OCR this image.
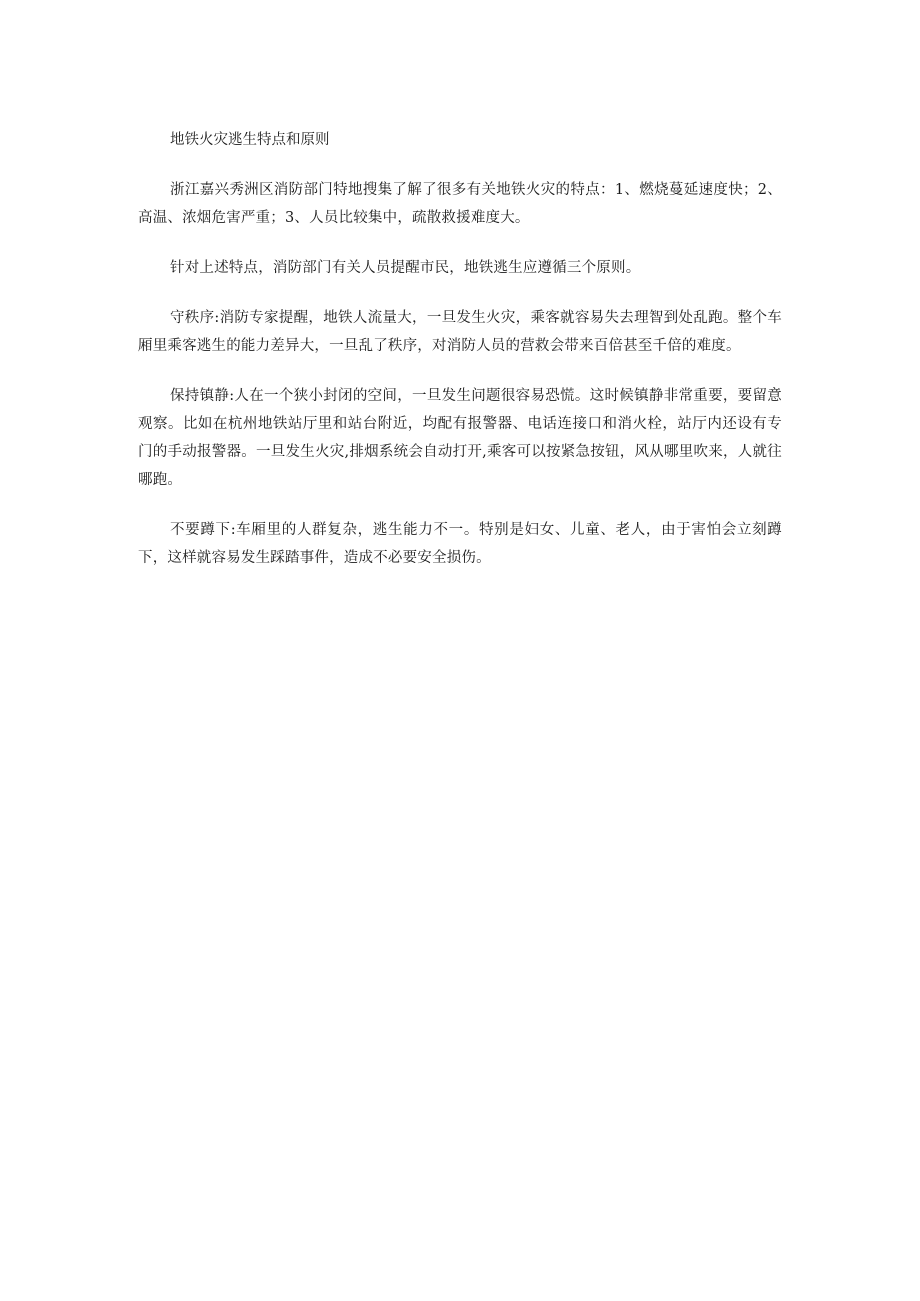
地铁火灾逃生特点和原则

浙江嘉兴秀洲区消防部门特地搜集了解了很多有关地铁火灾的特点：1、燃烧蔓延速度快；2、高温、浓烟危害严重；3、人员比较集中，疏散救援难度大。

针对上述特点，消防部门有关人员提醒市民，地铁逃生应遵循三个原则。

守秩序:消防专家提醒，地铁人流量大，一旦发生火灾，乘客就容易失去理智到处乱跑。整个车厢里乘客逃生的能力差异大，一旦乱了秩序，对消防人员的营救会带来百倍甚至千倍的难度。

保持镇静:人在一个狭小封闭的空间，一旦发生问题很容易恐慌。这时候镇静非常重要，要留意观察。比如在杭州地铁站厅里和站台附近，均配有报警器、电话连接口和消火栓，站厅内还设有专门的手动报警器。一旦发生火灾,排烟系统会自动打开,乘客可以按紧急按钮，风从哪里吹来，人就往哪跑。

不要蹲下:车厢里的人群复杂，逃生能力不一。特别是妇女、儿童、老人，由于害怕会立刻蹲下，这样就容易发生踩踏事件，造成不必要安全损伤。
